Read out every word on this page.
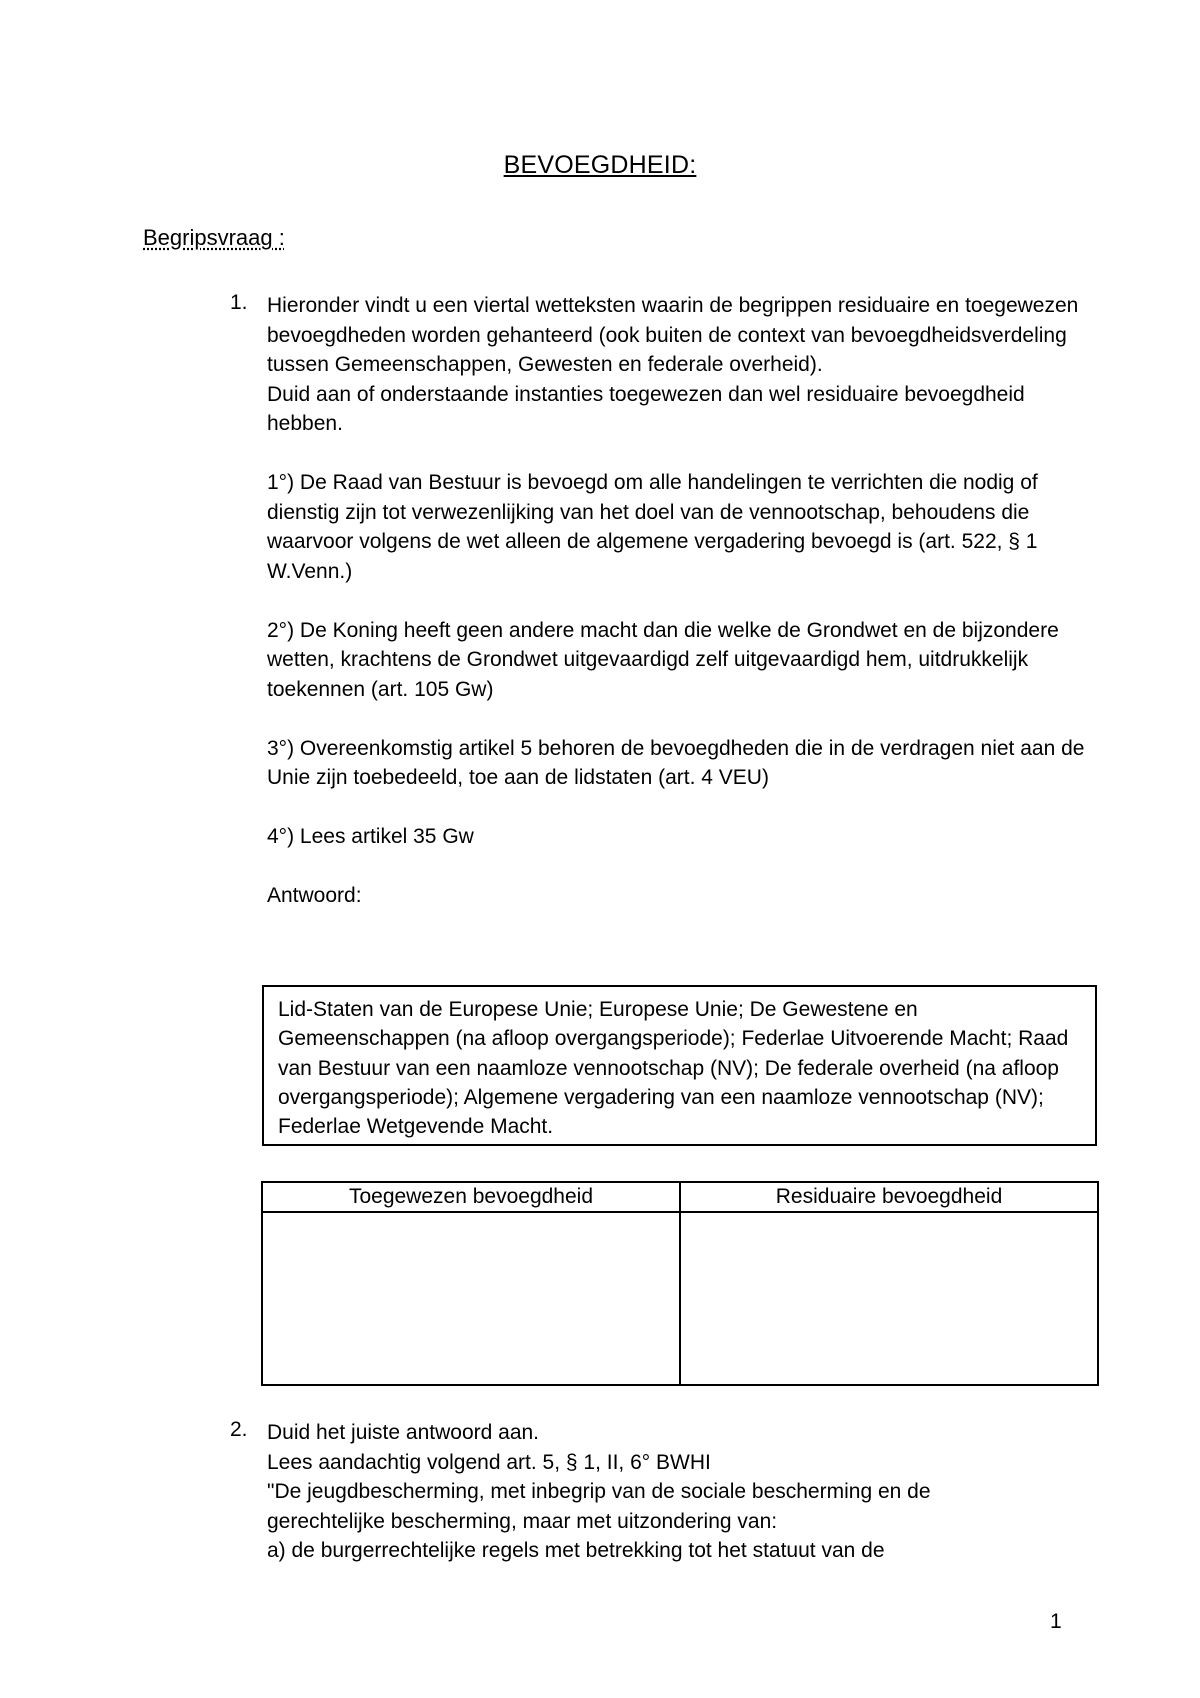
BEVOEGDHEID:
Begripsvraag :
1. Hieronder vindt u een viertal wetteksten waarin de begrippen residuaire en toegewezen bevoegdheden worden gehanteerd (ook buiten de context van bevoegdheidsverdeling tussen Gemeenschappen, Gewesten en federale overheid).

Duid aan of onderstaande instanties toegewezen dan wel residuaire bevoegdheid hebben.

1°) De Raad van Bestuur is bevoegd om alle handelingen te verrichten die nodig of dienstig zijn tot verwezenlijking van het doel van de vennootschap, behoudens die waarvoor volgens de wet alleen de algemene vergadering bevoegd is (art. 522, § 1 W.Venn.)

2°) De Koning heeft geen andere macht dan die welke de Grondwet en de bijzondere wetten, krachtens de Grondwet uitgevaardigd zelf uitgevaardigd hem, uitdrukkelijk toekennen (art. 105 Gw)

3°) Overeenkomstig artikel 5 behoren de bevoegdheden die in de verdragen niet aan de Unie zijn toebedeeld, toe aan de lidstaten (art. 4 VEU)

4°) Lees artikel 35 Gw

Antwoord:

Lid-Staten van de Europese Unie; Europese Unie; De Gewestene en Gemeenschappen (na afloop overgangsperiode); Federlae Uitvoerende Macht; Raad van Bestuur van een naamloze vennootschap (NV); De federale overheid (na afloop overgangsperiode); Algemene vergadering van een naamloze vennootschap (NV); Federlae Wetgevende Macht.
Toegewezen bevoegdheid	Residuaire bevoegdheid

2. Duid het juiste antwoord aan.

Lees aandachtig volgend art. 5, § 1, II, 6° BWHI

"De jeugdbescherming, met inbegrip van de sociale bescherming en de

gerechtelijke bescherming, maar met uitzondering van:

a) de burgerrechtelijke regels met betrekking tot het statuut van de

1
